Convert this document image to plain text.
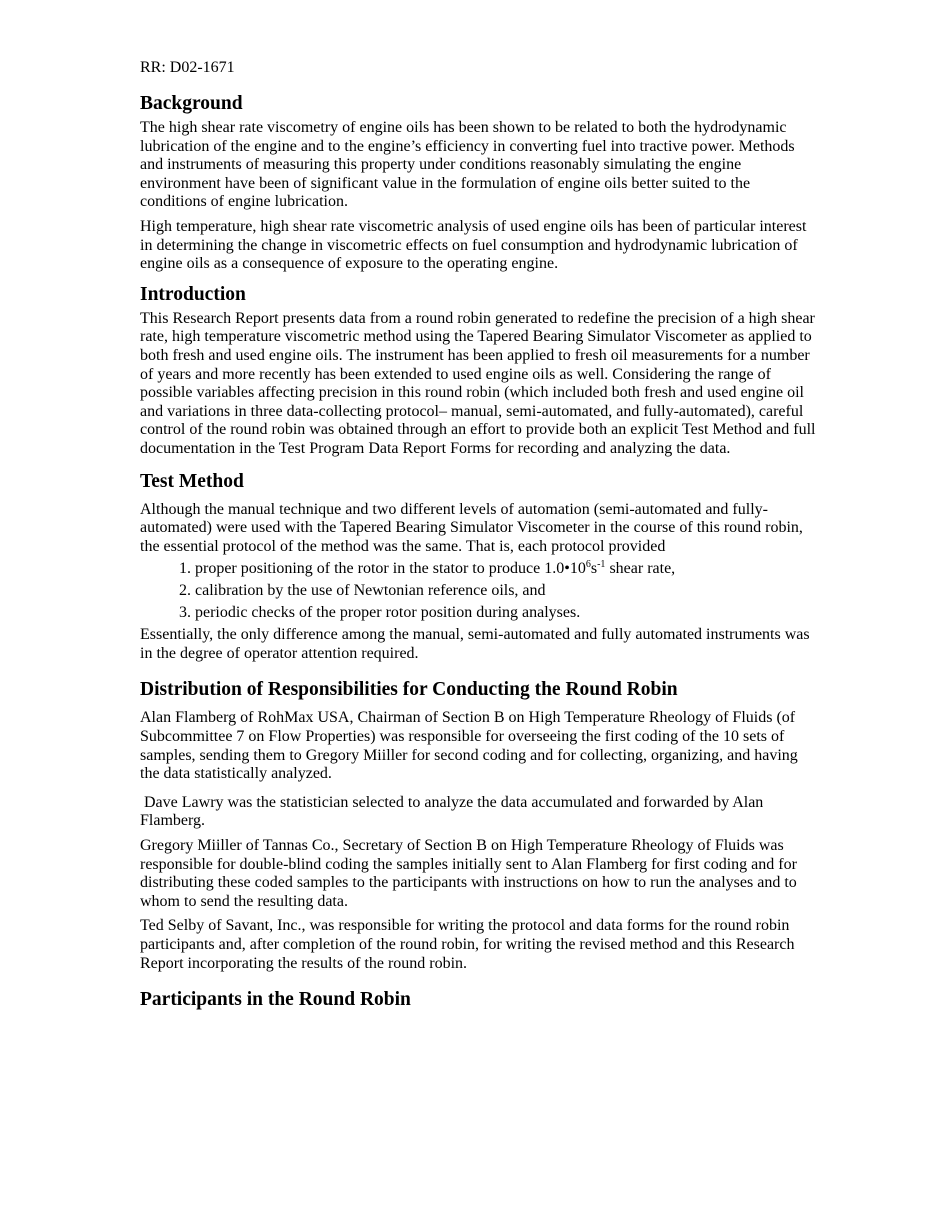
RR: D02-1671
Background

The high shear rate viscometry of engine oils has been shown to be related to both the hydrodynamic lubrication of the engine and to the engine’s efficiency in converting fuel into tractive power. Methods and instruments of measuring this property under conditions reasonably simulating the engine environment have been of significant value in the formulation of engine oils better suited to the conditions of engine lubrication.

High temperature, high shear rate viscometric analysis of used engine oils has been of particular interest in determining the change in viscometric effects on fuel consumption and hydrodynamic lubrication of engine oils as a consequence of exposure to the operating engine.

Introduction

This Research Report presents data from a round robin generated to redefine the precision of a high shear rate, high temperature viscometric method using the Tapered Bearing Simulator Viscometer as applied to both fresh and used engine oils. The instrument has been applied to fresh oil measurements for a number of years and more recently has been extended to used engine oils as well. Considering the range of possible variables affecting precision in this round robin (which included both fresh and used engine oil and variations in three data-collecting protocol– manual, semi-automated, and fully-automated), careful control of the round robin was obtained through an effort to provide both an explicit Test Method and full documentation in the Test Program Data Report Forms for recording and analyzing the data.

Test Method

Although the manual technique and two different levels of automation (semi-automated and fully-automated) were used with the Tapered Bearing Simulator Viscometer in the course of this round robin, the essential protocol of the method was the same. That is, each protocol provided

1. proper positioning of the rotor in the stator to produce $1.0•10^6s^{-1}$ shear rate,
2. calibration by the use of Newtonian reference oils, and
3. periodic checks of the proper rotor position during analyses.

Essentially, the only difference among the manual, semi-automated and fully automated instruments was in the degree of operator attention required.

Distribution of Responsibilities for Conducting the Round Robin

Alan Flamberg of RohMax USA, Chairman of Section B on High Temperature Rheology of Fluids (of Subcommittee 7 on Flow Properties) was responsible for overseeing the first coding of the 10 sets of samples, sending them to Gregory Miiller for second coding and for collecting, organizing, and having the data statistically analyzed.

Dave Lawry was the statistician selected to analyze the data accumulated and forwarded by Alan Flamberg.

Gregory Miiller of Tannas Co., Secretary of Section B on High Temperature Rheology of Fluids was responsible for double-blind coding the samples initially sent to Alan Flamberg for first coding and for distributing these coded samples to the participants with instructions on how to run the analyses and to whom to send the resulting data.

Ted Selby of Savant, Inc., was responsible for writing the protocol and data forms for the round robin participants and, after completion of the round robin, for writing the revised method and this Research Report incorporating the results of the round robin.

Participants in the Round Robin
